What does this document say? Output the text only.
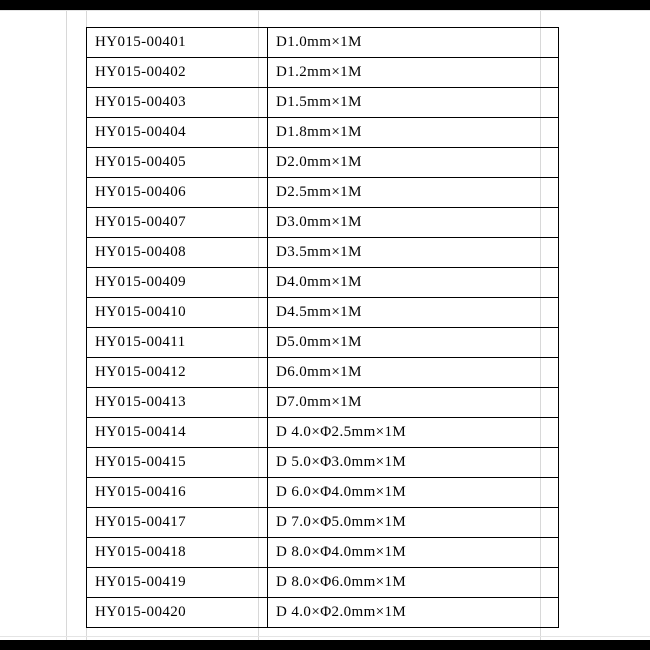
HY015-00401	D1.0mm×1M
HY015-00402	D1.2mm×1M
HY015-00403	D1.5mm×1M
HY015-00404	D1.8mm×1M
HY015-00405	D2.0mm×1M
HY015-00406	D2.5mm×1M
HY015-00407	D3.0mm×1M
HY015-00408	D3.5mm×1M
HY015-00409	D4.0mm×1M
HY015-00410	D4.5mm×1M
HY015-00411	D5.0mm×1M
HY015-00412	D6.0mm×1M
HY015-00413	D7.0mm×1M
HY015-00414	D 4.0×Φ2.5mm×1M
HY015-00415	D 5.0×Φ3.0mm×1M
HY015-00416	D 6.0×Φ4.0mm×1M
HY015-00417	D 7.0×Φ5.0mm×1M
HY015-00418	D 8.0×Φ4.0mm×1M
HY015-00419	D 8.0×Φ6.0mm×1M
HY015-00420	D 4.0×Φ2.0mm×1M
